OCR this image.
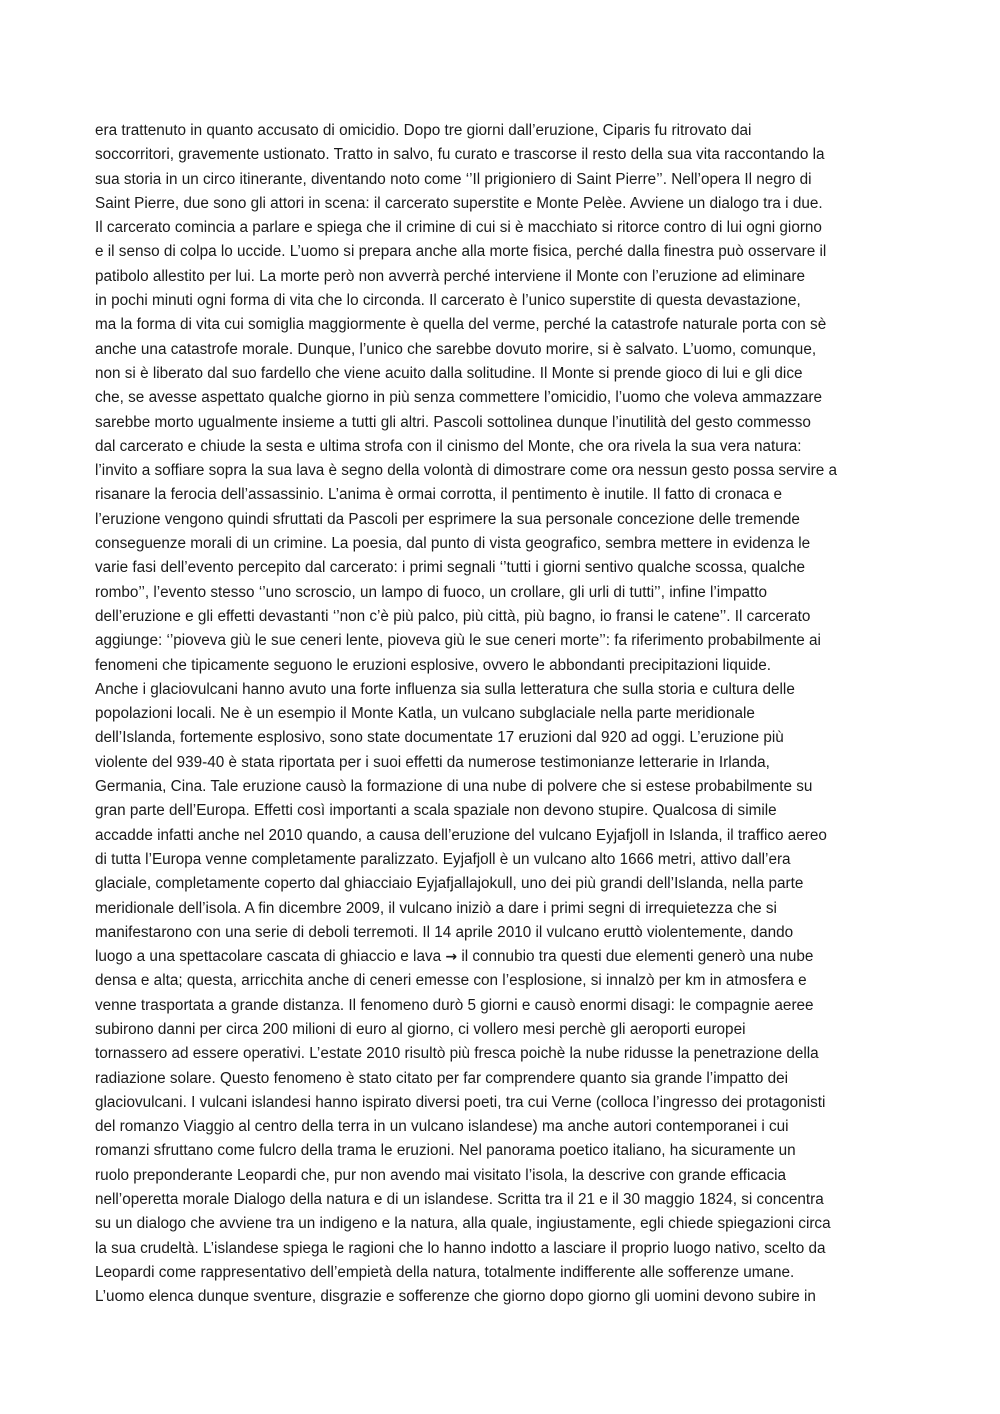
era trattenuto in quanto accusato di omicidio. Dopo tre giorni dall’eruzione, Ciparis fu ritrovato dai
soccorritori, gravemente ustionato. Tratto in salvo, fu curato e trascorse il resto della sua vita raccontando la
sua storia in un circo itinerante, diventando noto come ‘’Il prigioniero di Saint Pierre’’. Nell’opera Il negro di
Saint Pierre, due sono gli attori in scena: il carcerato superstite e Monte Pelèe. Avviene un dialogo tra i due.
Il carcerato comincia a parlare e spiega che il crimine di cui si è macchiato si ritorce contro di lui ogni giorno
e il senso di colpa lo uccide. L’uomo si prepara anche alla morte fisica, perché dalla finestra può osservare il
patibolo allestito per lui. La morte però non avverrà perché interviene il Monte con l’eruzione ad eliminare
in pochi minuti ogni forma di vita che lo circonda. Il carcerato è l’unico superstite di questa devastazione,
ma la forma di vita cui somiglia maggiormente è quella del verme, perché la catastrofe naturale porta con sè
anche una catastrofe morale. Dunque, l’unico che sarebbe dovuto morire, si è salvato. L’uomo, comunque,
non si è liberato dal suo fardello che viene acuito dalla solitudine. Il Monte si prende gioco di lui e gli dice
che, se avesse aspettato qualche giorno in più senza commettere l’omicidio, l’uomo che voleva ammazzare
sarebbe morto ugualmente insieme a tutti gli altri. Pascoli sottolinea dunque l’inutilità del gesto commesso
dal carcerato e chiude la sesta e ultima strofa con il cinismo del Monte, che ora rivela la sua vera natura:
l’invito a soffiare sopra la sua lava è segno della volontà di dimostrare come ora nessun gesto possa servire a
risanare la ferocia dell’assassinio. L’anima è ormai corrotta, il pentimento è inutile. Il fatto di cronaca e
l’eruzione vengono quindi sfruttati da Pascoli per esprimere la sua personale concezione delle tremende
conseguenze morali di un crimine. La poesia, dal punto di vista geografico, sembra mettere in evidenza le
varie fasi dell’evento percepito dal carcerato: i primi segnali ‘’tutti i giorni sentivo qualche scossa, qualche
rombo’’, l’evento stesso ‘’uno scroscio, un lampo di fuoco, un crollare, gli urli di tutti’’, infine l’impatto
dell’eruzione e gli effetti devastanti ‘’non c’è più palco, più città, più bagno, io fransi le catene’’. Il carcerato
aggiunge: ‘’pioveva giù le sue ceneri lente, pioveva giù le sue ceneri morte’’: fa riferimento probabilmente ai
fenomeni che tipicamente seguono le eruzioni esplosive, ovvero le abbondanti precipitazioni liquide.
Anche i glaciovulcani hanno avuto una forte influenza sia sulla letteratura che sulla storia e cultura delle
popolazioni locali. Ne è un esempio il Monte Katla, un vulcano subglaciale nella parte meridionale
dell’Islanda, fortemente esplosivo, sono state documentate 17 eruzioni dal 920 ad oggi. L’eruzione più
violente del 939-40 è stata riportata per i suoi effetti da numerose testimonianze letterarie in Irlanda,
Germania, Cina. Tale eruzione causò la formazione di una nube di polvere che si estese probabilmente su
gran parte dell’Europa. Effetti così importanti a scala spaziale non devono stupire. Qualcosa di simile
accadde infatti anche nel 2010 quando, a causa dell’eruzione del vulcano Eyjafjoll in Islanda, il traffico aereo
di tutta l’Europa venne completamente paralizzato. Eyjafjoll è un vulcano alto 1666 metri, attivo dall’era
glaciale, completamente coperto dal ghiacciaio Eyjafjallajokull, uno dei più grandi dell’Islanda, nella parte
meridionale dell’isola. A fin dicembre 2009, il vulcano iniziò a dare i primi segni di irrequietezza che si
manifestarono con una serie di deboli terremoti. Il 14 aprile 2010 il vulcano eruttò violentemente, dando
luogo a una spettacolare cascata di ghiaccio e lava → il connubio tra questi due elementi generò una nube
densa e alta; questa, arricchita anche di ceneri emesse con l’esplosione, si innalzò per km in atmosfera e
venne trasportata a grande distanza. Il fenomeno durò 5 giorni e causò enormi disagi: le compagnie aeree
subirono danni per circa 200 milioni di euro al giorno, ci vollero mesi perchè gli aeroporti europei
tornassero ad essere operativi. L’estate 2010 risultò più fresca poichè la nube ridusse la penetrazione della
radiazione solare. Questo fenomeno è stato citato per far comprendere quanto sia grande l’impatto dei
glaciovulcani. I vulcani islandesi hanno ispirato diversi poeti, tra cui Verne (colloca l’ingresso dei protagonisti
del romanzo Viaggio al centro della terra in un vulcano islandese) ma anche autori contemporanei i cui
romanzi sfruttano come fulcro della trama le eruzioni. Nel panorama poetico italiano, ha sicuramente un
ruolo preponderante Leopardi che, pur non avendo mai visitato l’isola, la descrive con grande efficacia
nell’operetta morale Dialogo della natura e di un islandese. Scritta tra il 21 e il 30 maggio 1824, si concentra
su un dialogo che avviene tra un indigeno e la natura, alla quale, ingiustamente, egli chiede spiegazioni circa
la sua crudeltà. L’islandese spiega le ragioni che lo hanno indotto a lasciare il proprio luogo nativo, scelto da
Leopardi come rappresentativo dell’empietà della natura, totalmente indifferente alle sofferenze umane.
L’uomo elenca dunque sventure, disgrazie e sofferenze che giorno dopo giorno gli uomini devono subire in
